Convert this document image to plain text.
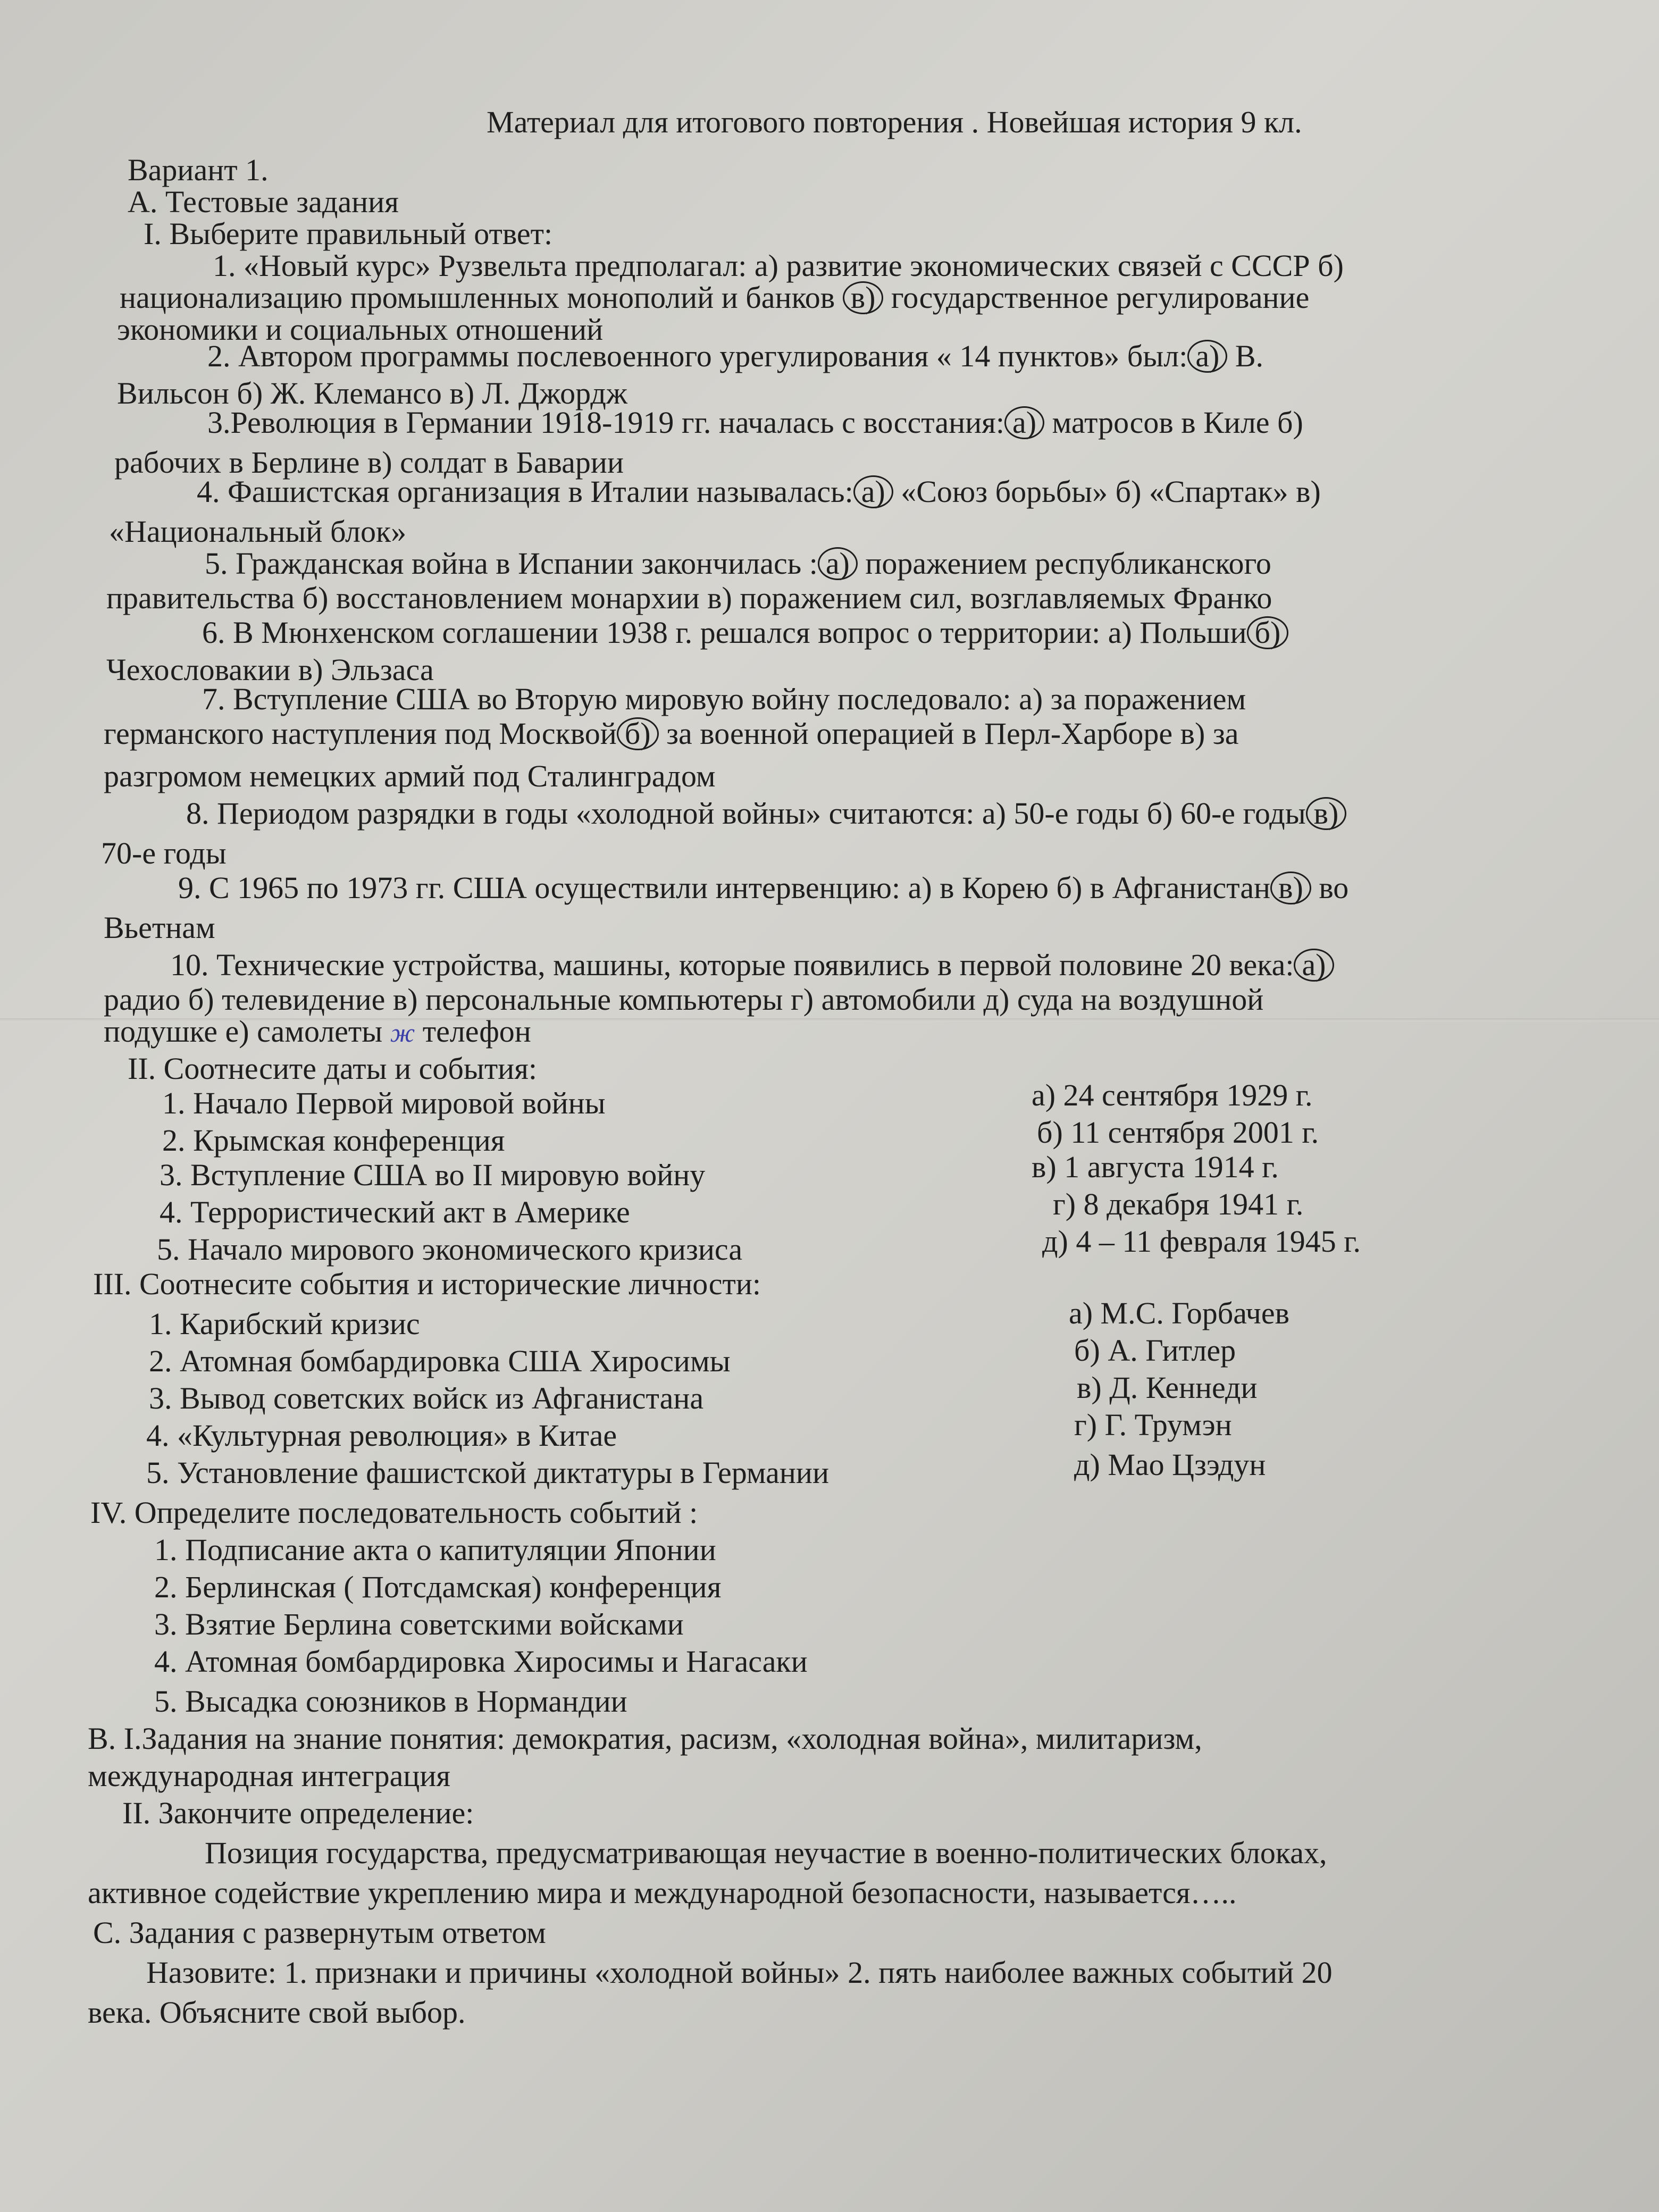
Материал для итогового повторения . Новейшая история 9 кл.
Вариант 1.
А. Тестовые задания
I. Выберите правильный ответ:
1. «Новый курс» Рузвельта предполагал: а) развитие экономических связей с СССР б)
национализацию промышленных монополий и банков в) государственное регулирование
экономики и социальных отношений
2. Автором программы послевоенного урегулирования « 14 пунктов» был: а) В.
Вильсон б) Ж. Клемансо в) Л. Джордж
3.Революция в Германии 1918-1919 гг. началась с восстания: а) матросов в Киле б)
рабочих в Берлине в) солдат в Баварии
4. Фашистская организация в Италии называлась: а) «Союз борьбы» б) «Спартак» в)
«Национальный блок»
5. Гражданская война в Испании закончилась : а) поражением республиканского
правительства б) восстановлением монархии в) поражением сил, возглавляемых Франко
6. В Мюнхенском соглашении 1938 г. решался вопрос о территории: а) Польши б)
Чехословакии в) Эльзаса
7. Вступление США во Вторую мировую войну последовало: а) за поражением
германского наступления под Москвой б) за военной операцией в Перл-Харборе в) за
разгромом немецких армий под Сталинградом
8. Периодом разрядки в годы «холодной войны» считаются: а) 50-е годы б) 60-е годы в)
70-е годы
9. С 1965 по 1973 гг. США осуществили интервенцию: а) в Корею б) в Афганистан в) во
Вьетнам
10. Технические устройства, машины, которые появились в первой половине 20 века: а)
радио б) телевидение в) персональные компьютеры г) автомобили д) суда на воздушной
подушке е) самолеты ж телефон
II. Соотнесите даты и события:
1. Начало Первой мировой войны
2. Крымская конференция
3. Вступление США во II мировую войну
4. Террористический акт в Америке
5. Начало мирового экономического кризиса
а) 24 сентября 1929 г.
б) 11 сентября 2001 г.
в) 1 августа 1914 г.
г) 8 декабря 1941 г.
д) 4 – 11 февраля 1945 г.
III. Соотнесите события и исторические личности:
1. Карибский кризис
2. Атомная бомбардировка США Хиросимы
3. Вывод советских войск из Афганистана
4. «Культурная революция» в Китае
5. Установление фашистской диктатуры в Германии
а) М.С. Горбачев
б) А. Гитлер
в) Д. Кеннеди
г) Г. Трумэн
д) Мао Цзэдун
IV. Определите последовательность событий :
1. Подписание акта о капитуляции Японии
2. Берлинская ( Потсдамская) конференция
3. Взятие Берлина советскими войсками
4. Атомная бомбардировка Хиросимы и Нагасаки
5. Высадка союзников в Нормандии
В. I.Задания на знание понятия: демократия, расизм, «холодная война», милитаризм,
международная интеграция
II. Закончите определение:
Позиция государства, предусматривающая неучастие в военно-политических блоках,
активное содействие укреплению мира и международной безопасности, называется…..
С. Задания с развернутым ответом
Назовите: 1. признаки и причины «холодной войны» 2. пять наиболее важных событий 20
века. Объясните свой выбор.
